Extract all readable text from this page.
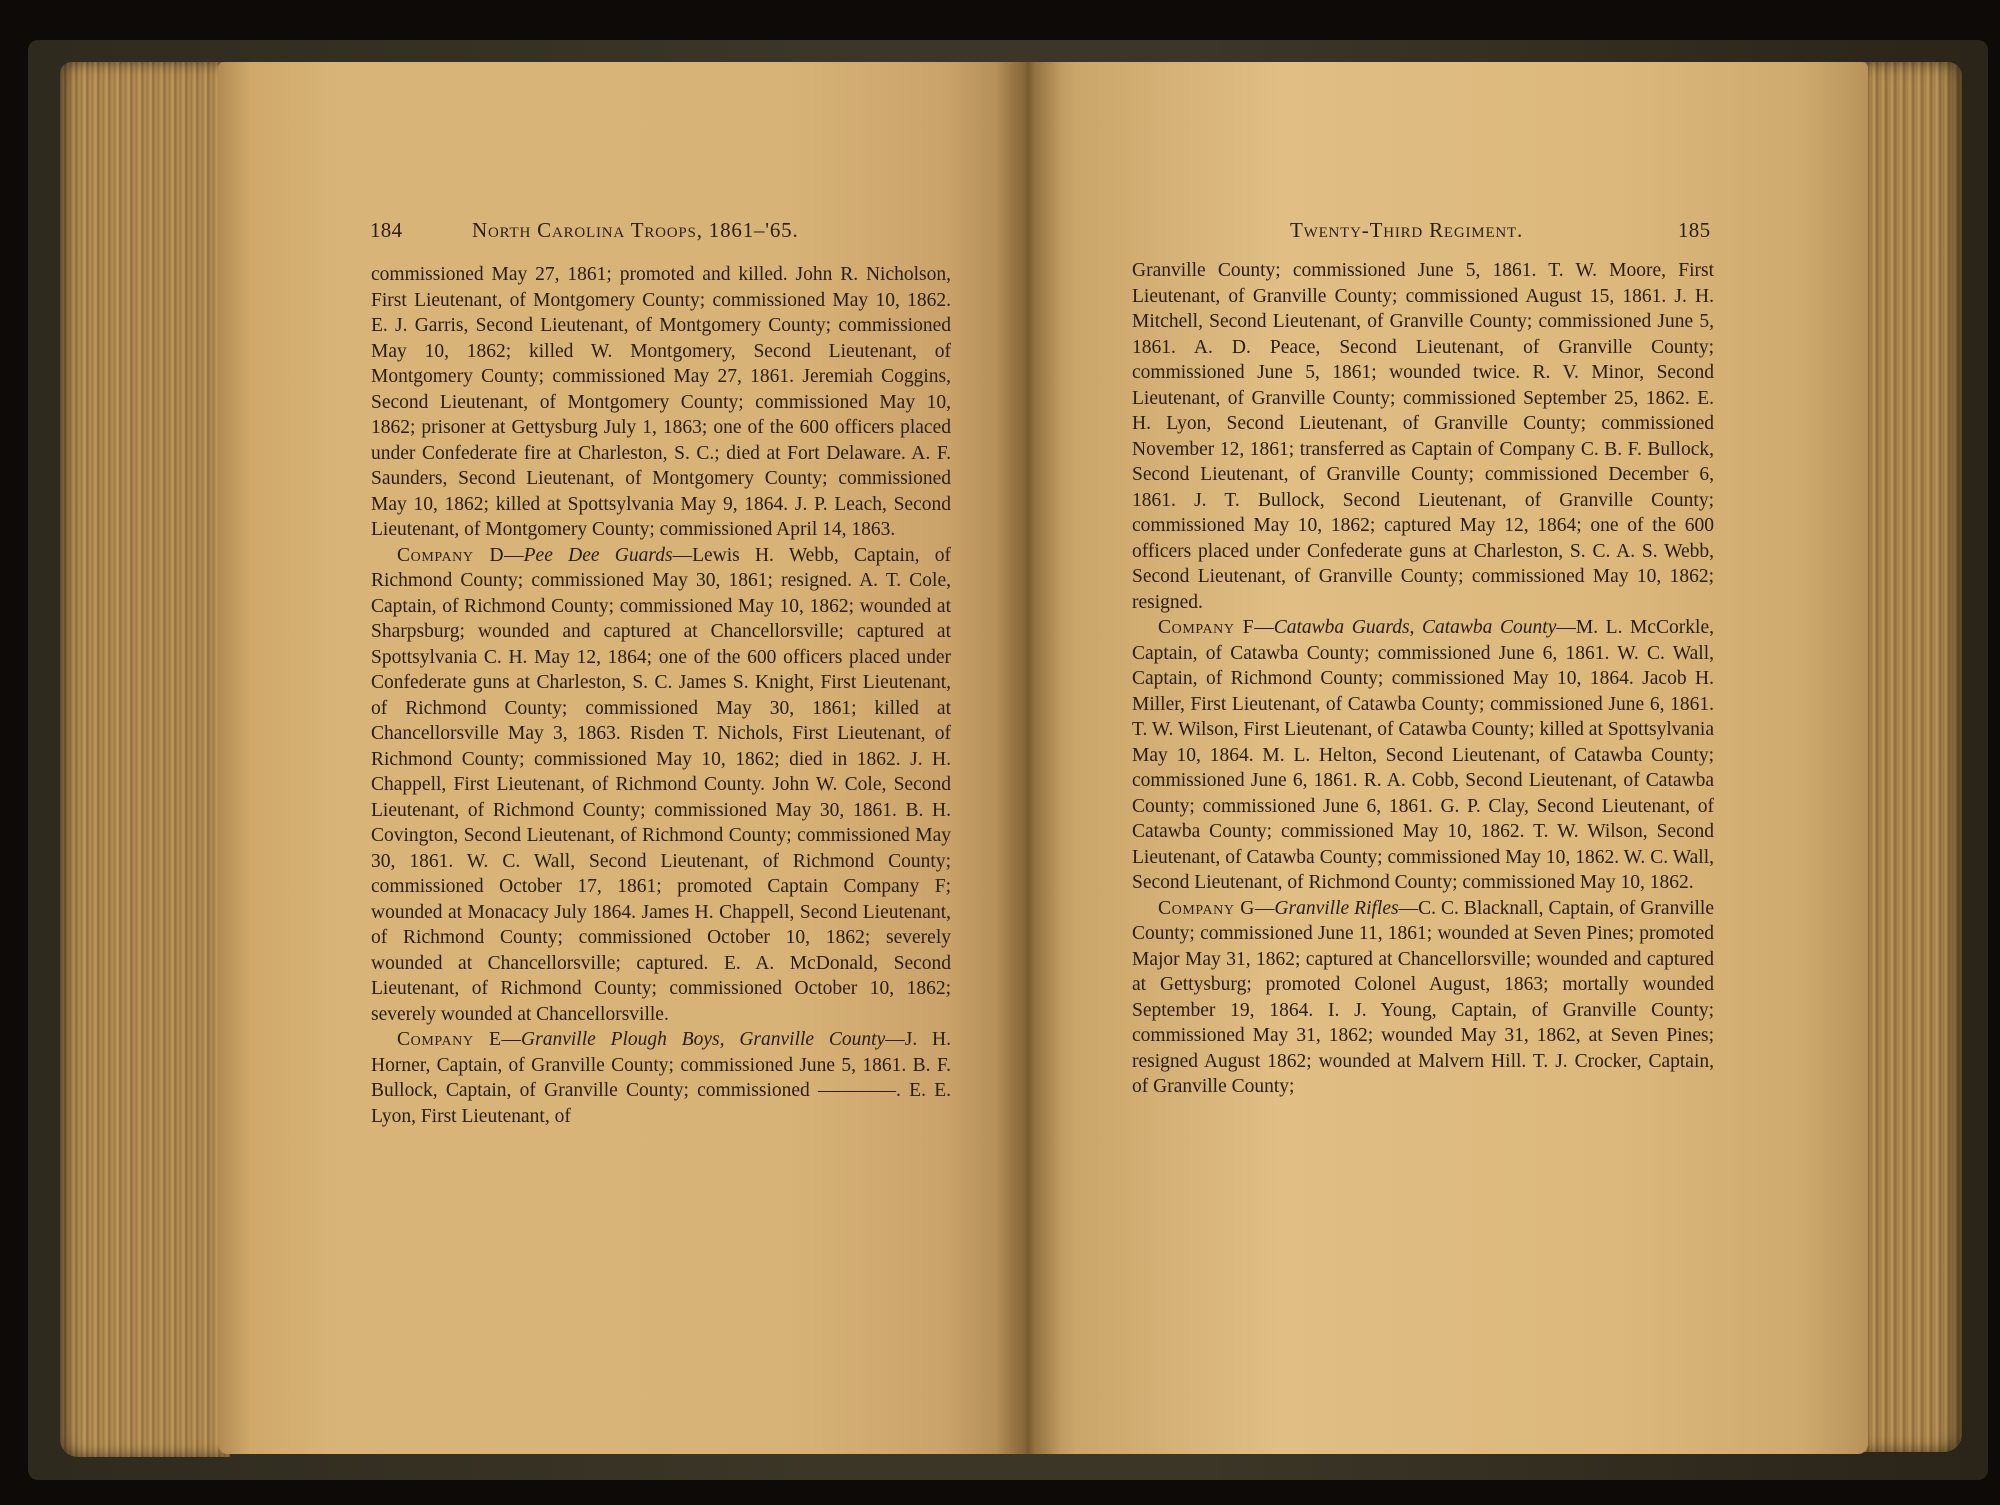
184	North Carolina Troops, 1861–'65.	Twenty-Third Regiment.	185

commissioned May 27, 1861; promoted and killed. John R. Nicholson, First Lieutenant, of Montgomery County; commissioned May 10, 1862. E. J. Garris, Second Lieutenant, of Montgomery County; commissioned May 10, 1862; killed W. Montgomery, Second Lieutenant, of Montgomery County; commissioned May 27, 1861. Jeremiah Coggins, Second Lieutenant, of Montgomery County; commissioned May 10, 1862; prisoner at Gettysburg July 1, 1863; one of the 600 officers placed under Confederate fire at Charleston, S. C.; died at Fort Delaware. A. F. Saunders, Second Lieutenant, of Montgomery County; commissioned May 10, 1862; killed at Spottsylvania May 9, 1864. J. P. Leach, Second Lieutenant, of Montgomery County; commissioned April 14, 1863.

Company D—Pee Dee Guards—Lewis H. Webb, Captain, of Richmond County; commissioned May 30, 1861; resigned. A. T. Cole, Captain, of Richmond County; commissioned May 10, 1862; wounded at Sharpsburg; wounded and captured at Chancellorsville; captured at Spottsylvania C. H. May 12, 1864; one of the 600 officers placed under Confederate guns at Charleston, S. C. James S. Knight, First Lieutenant, of Richmond County; commissioned May 30, 1861; killed at Chancellorsville May 3, 1863. Risden T. Nichols, First Lieutenant, of Richmond County; commissioned May 10, 1862; died in 1862. J. H. Chappell, First Lieutenant, of Richmond County. John W. Cole, Second Lieutenant, of Richmond County; commissioned May 30, 1861. B. H. Covington, Second Lieutenant, of Richmond County; commissioned May 30, 1861. W. C. Wall, Second Lieutenant, of Richmond County; commissioned October 17, 1861; promoted Captain Company F; wounded at Monacacy July 1864. James H. Chappell, Second Lieutenant, of Richmond County; commissioned October 10, 1862; severely wounded at Chancellorsville; captured. E. A. McDonald, Second Lieutenant, of Richmond County; commissioned October 10, 1862; severely wounded at Chancellorsville.

Company E—Granville Plough Boys, Granville County—J. H. Horner, Captain, of Granville County; commissioned June 5, 1861. B. F. Bullock, Captain, of Granville County; commissioned ————. E. E. Lyon, First Lieutenant, of

Granville County; commissioned June 5, 1861. T. W. Moore, First Lieutenant, of Granville County; commissioned August 15, 1861. J. H. Mitchell, Second Lieutenant, of Granville County; commissioned June 5, 1861. A. D. Peace, Second Lieutenant, of Granville County; commissioned June 5, 1861; wounded twice. R. V. Minor, Second Lieutenant, of Granville County; commissioned September 25, 1862. E. H. Lyon, Second Lieutenant, of Granville County; commissioned November 12, 1861; transferred as Captain of Company C. B. F. Bullock, Second Lieutenant, of Granville County; commissioned December 6, 1861. J. T. Bullock, Second Lieutenant, of Granville County; commissioned May 10, 1862; captured May 12, 1864; one of the 600 officers placed under Confederate guns at Charleston, S. C. A. S. Webb, Second Lieutenant, of Granville County; commissioned May 10, 1862; resigned.

Company F—Catawba Guards, Catawba County—M. L. McCorkle, Captain, of Catawba County; commissioned June 6, 1861. W. C. Wall, Captain, of Richmond County; commissioned May 10, 1864. Jacob H. Miller, First Lieutenant, of Catawba County; commissioned June 6, 1861. T. W. Wilson, First Lieutenant, of Catawba County; killed at Spottsylvania May 10, 1864. M. L. Helton, Second Lieutenant, of Catawba County; commissioned June 6, 1861. R. A. Cobb, Second Lieutenant, of Catawba County; commissioned June 6, 1861. G. P. Clay, Second Lieutenant, of Catawba County; commissioned May 10, 1862. T. W. Wilson, Second Lieutenant, of Catawba County; commissioned May 10, 1862. W. C. Wall, Second Lieutenant, of Richmond County; commissioned May 10, 1862.

Company G—Granville Rifles—C. C. Blacknall, Captain, of Granville County; commissioned June 11, 1861; wounded at Seven Pines; promoted Major May 31, 1862; captured at Chancellorsville; wounded and captured at Gettysburg; promoted Colonel August, 1863; mortally wounded September 19, 1864. I. J. Young, Captain, of Granville County; commissioned May 31, 1862; wounded May 31, 1862, at Seven Pines; resigned August 1862; wounded at Malvern Hill. T. J. Crocker, Captain, of Granville County;
